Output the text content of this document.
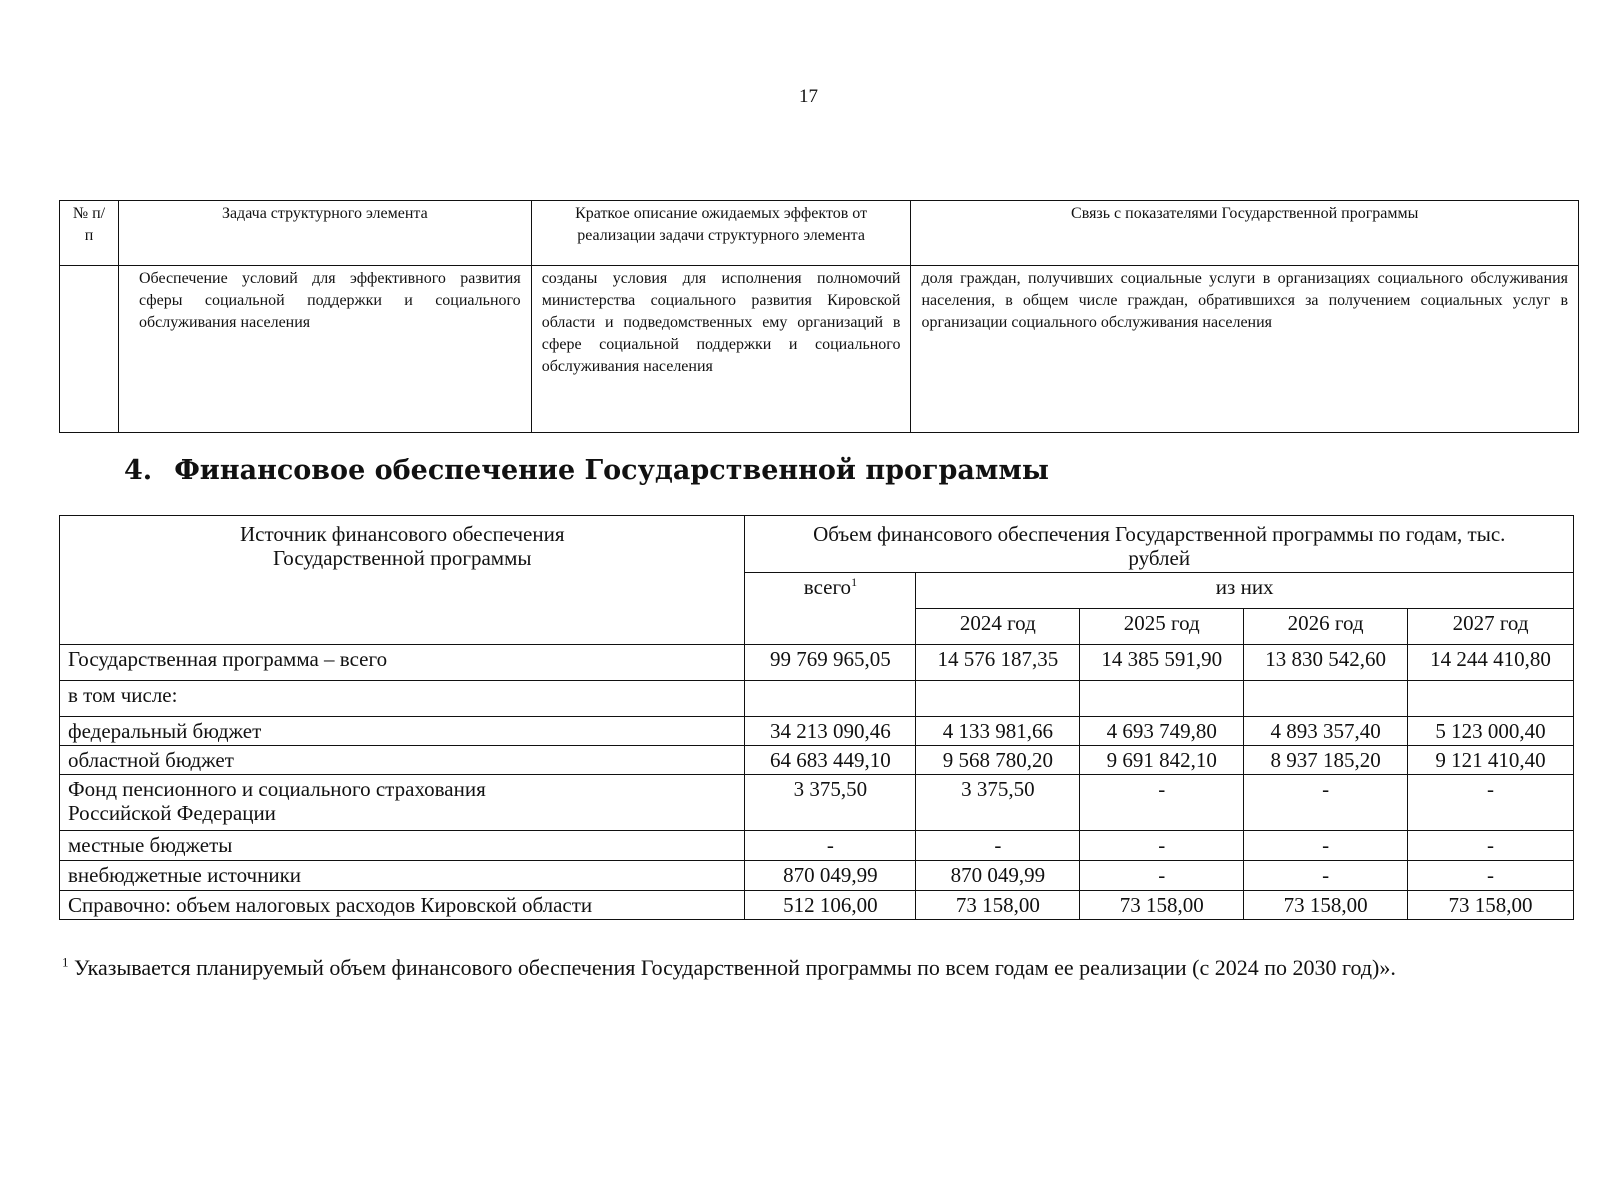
17
№ п/п	Задача структурного элемента	Краткое описание ожидаемых эффектов от реализации задачи структурного элемента	Связь с показателями Государственной программы
	Обеспечение условий для эффективного развития сферы социальной поддержки и социального обслуживания населения	созданы условия для исполнения полномочий министерства социального развития Кировской области и подведомственных ему организаций в сфере социальной поддержки и социального обслуживания населения	доля граждан, получивших социальные услуги в организациях социального обслуживания населения, в общем числе граждан, обратившихся за получением социальных услуг в организации социального обслуживания населения
4. Финансовое обеспечение Государственной программы
Источник финансового обеспечения Государственной программы	Объем финансового обеспечения Государственной программы по годам, тыс. рублей				
	всего$^1$	из них			
		2024 год	2025 год	2026 год	2027 год
Государственная программа – всего	99 769 965,05	14 576 187,35	14 385 591,90	13 830 542,60	14 244 410,80
в том числе:					
федеральный бюджет	34 213 090,46	4 133 981,66	4 693 749,80	4 893 357,40	5 123 000,40
областной бюджет	64 683 449,10	9 568 780,20	9 691 842,10	8 937 185,20	9 121 410,40
Фонд пенсионного и социального страхования Российской Федерации	3 375,50	3 375,50	-	-	-
местные бюджеты	-	-	-	-	-
внебюджетные источники	870 049,99	870 049,99	-	-	-
Справочно: объем налоговых расходов Кировской области	512 106,00	73 158,00	73 158,00	73 158,00	73 158,00
$^1$ Указывается планируемый объем финансового обеспечения Государственной программы по всем годам ее реализации (с 2024 по 2030 год)».
